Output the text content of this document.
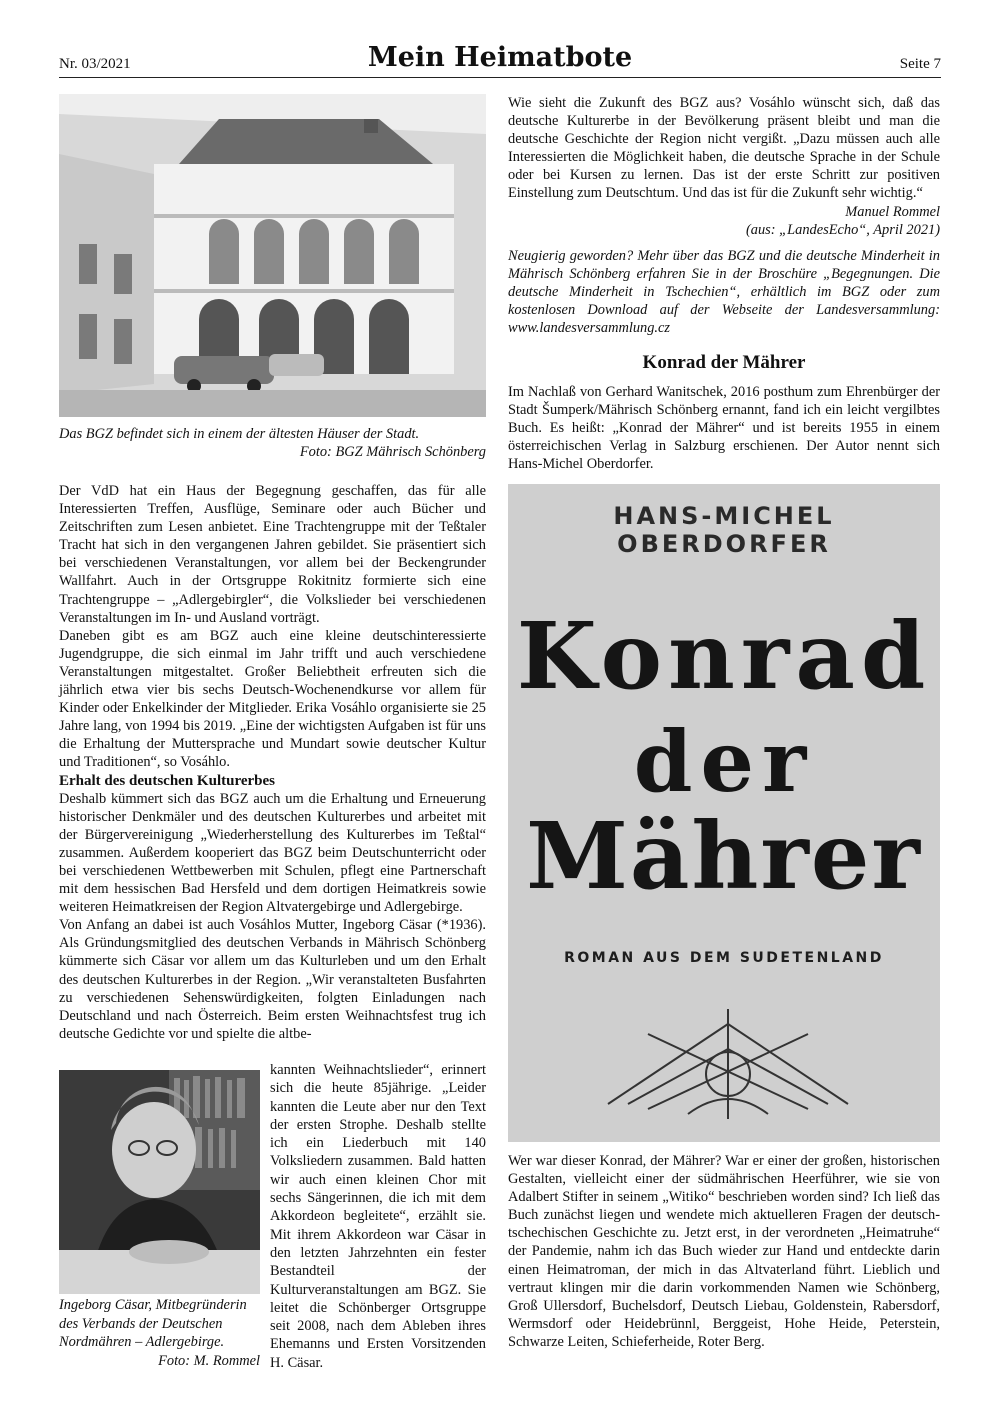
Nr. 03/2021	Mein Heimatbote	Seite 7
Das BGZ befindet sich in einem der ältesten Häuser der Stadt.
Foto: BGZ Mährisch Schönberg

Der VdD hat ein Haus der Begegnung geschaffen, das für alle Interessierten Treffen, Ausflüge, Seminare oder auch Bücher und Zeitschriften zum Lesen anbietet. Eine Trachtengruppe mit der Teßtaler Tracht hat sich in den vergangenen Jahren gebildet. Sie präsentiert sich bei verschiedenen Veranstaltungen, vor allem bei der Beckengrunder Wallfahrt. Auch in der Ortsgruppe Rokitnitz formierte sich eine Trachtengruppe – „Adlergebirgler“, die Volkslieder bei verschiedenen Veranstaltungen im In- und Ausland vorträgt.

Daneben gibt es am BGZ auch eine kleine deutschinteressierte Jugendgruppe, die sich einmal im Jahr trifft und auch verschiedene Veranstaltungen mitgestaltet. Großer Beliebtheit erfreuten sich die jährlich etwa vier bis sechs Deutsch-Wochenendkurse vor allem für Kinder oder Enkelkinder der Mitglieder. Erika Vosáhlo organisierte sie 25 Jahre lang, von 1994 bis 2019. „Eine der wichtigsten Aufgaben ist für uns die Erhaltung der Muttersprache und Mundart sowie deutscher Kultur und Traditionen“, so Vosáhlo.

Erhalt des deutschen Kulturerbes

Deshalb kümmert sich das BGZ auch um die Erhaltung und Erneuerung historischer Denkmäler und des deutschen Kulturerbes und arbeitet mit der Bürgervereinigung „Wiederherstellung des Kulturerbes im Teßtal“ zusammen. Außerdem kooperiert das BGZ beim Deutschunterricht oder bei verschiedenen Wettbewerben mit Schulen, pflegt eine Partnerschaft mit dem hessischen Bad Hersfeld und dem dortigen Heimatkreis sowie weiteren Heimatkreisen der Region Altvatergebirge und Adlergebirge.

Von Anfang an dabei ist auch Vosáhlos Mutter, Ingeborg Cäsar (*1936). Als Gründungsmitglied des deutschen Verbands in Mährisch Schönberg kümmerte sich Cäsar vor allem um das Kulturleben und um den Erhalt des deutschen Kulturerbes in der Region. „Wir veranstalteten Busfahrten zu verschiedenen Sehenswürdigkeiten, folgten Einladungen nach Deutschland und nach Österreich. Beim ersten Weihnachtsfest trug ich deutsche Gedichte vor und spielte die altbe-

Ingeborg Cäsar, Mitbegründerin des Verbands der Deutschen Nordmähren – Adlergebirge.
Foto: M. Rommel

kannten Weihnachtslieder“, erinnert sich die heute 85jährige. „Leider kannten die Leute aber nur den Text der ersten Strophe. Deshalb stellte ich ein Liederbuch mit 140 Volksliedern zusammen. Bald hatten wir auch einen kleinen Chor mit sechs Sängerinnen, die ich mit dem Akkordeon begleitete“, erzählt sie. Mit ihrem Akkordeon war Cäsar in den letzten Jahrzehnten ein fester Bestandteil der Kulturveranstaltungen am BGZ. Sie leitet die Schönberger Ortsgruppe seit 2008, nach dem Ableben ihres Ehemanns und Ersten Vorsitzenden H. Cäsar.

Wie sieht die Zukunft des BGZ aus? Vosáhlo wünscht sich, daß das deutsche Kulturerbe in der Bevölkerung präsent bleibt und man die deutsche Geschichte der Region nicht vergißt. „Dazu müssen auch alle Interessierten die Möglichkeit haben, die deutsche Sprache in der Schule oder bei Kursen zu lernen. Das ist der erste Schritt zur positiven Einstellung zum Deutschtum. Und das ist für die Zukunft sehr wichtig.“

Manuel Rommel

(aus: „LandesEcho“, April 2021)

Neugierig geworden? Mehr über das BGZ und die deutsche Minderheit in Mährisch Schönberg erfahren Sie in der Broschüre „Begegnungen. Die deutsche Minderheit in Tschechien“, erhältlich im BGZ oder zum kostenlosen Download auf der Webseite der Landesversammlung: www.landesversammlung.cz

Konrad der Mährer

Im Nachlaß von Gerhard Wanitschek, 2016 posthum zum Ehrenbürger der Stadt Šumperk/Mährisch Schönberg ernannt, fand ich ein leicht vergilbtes Buch. Es heißt: „Konrad der Mährer“ und ist bereits 1955 in einem österreichischen Verlag in Salzburg erschienen. Der Autor nennt sich Hans-Michel Oberdorfer.

HANS-MICHEL OBERDORFER
Konrad
der
Mährer
ROMAN AUS DEM SUDETENLAND

Wer war dieser Konrad, der Mährer? War er einer der großen, historischen Gestalten, vielleicht einer der südmährischen Heerführer, wie sie von Adalbert Stifter in seinem „Witiko“ beschrieben worden sind? Ich ließ das Buch zunächst liegen und wendete mich aktuelleren Fragen der deutsch-tschechischen Geschichte zu. Jetzt erst, in der verordneten „Heimatruhe“ der Pandemie, nahm ich das Buch wieder zur Hand und entdeckte darin einen Heimatroman, der mich in das Altvaterland führt. Lieblich und vertraut klingen mir die darin vorkommenden Namen wie Schönberg, Groß Ullersdorf, Buchelsdorf, Deutsch Liebau, Goldenstein, Rabersdorf, Wermsdorf oder Heidebrünnl, Berggeist, Hohe Heide, Peterstein, Schwarze Leiten, Schieferheide, Roter Berg.
